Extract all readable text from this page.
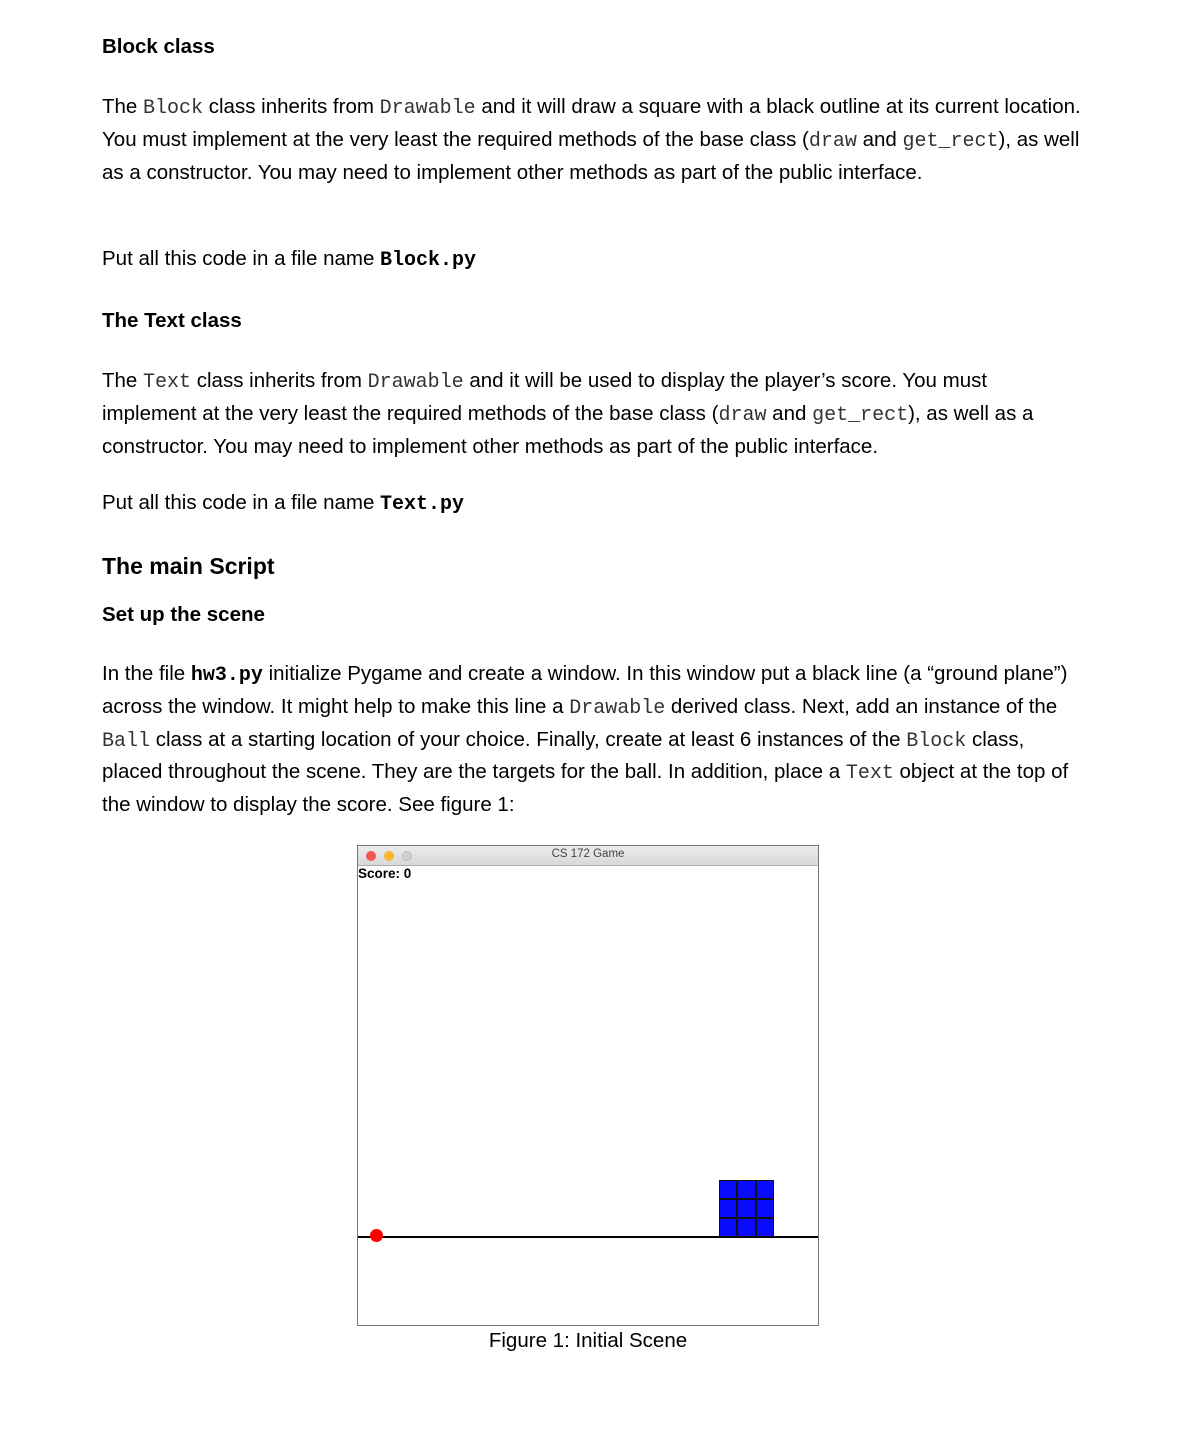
Block class
The Block class inherits from Drawable and it will draw a square with a black outline at its current location. You must implement at the very least the required methods of the base class (draw and get_rect), as well as a constructor. You may need to implement other methods as part of the public interface.
Put all this code in a file name Block.py
The Text class
The Text class inherits from Drawable and it will be used to display the player’s score. You must implement at the very least the required methods of the base class (draw and get_rect), as well as a constructor. You may need to implement other methods as part of the public interface.
Put all this code in a file name Text.py
The main Script
Set up the scene
In the file hw3.py initialize Pygame and create a window. In this window put a black line (a “ground plane”) across the window. It might help to make this line a Drawable derived class. Next, add an instance of the Ball class at a starting location of your choice. Finally, create at least 6 instances of the Block class, placed throughout the scene. They are the targets for the ball. In addition, place a Text object at the top of the window to display the score. See figure 1:
CS 172 Game
Score: 0
Figure 1: Initial Scene
